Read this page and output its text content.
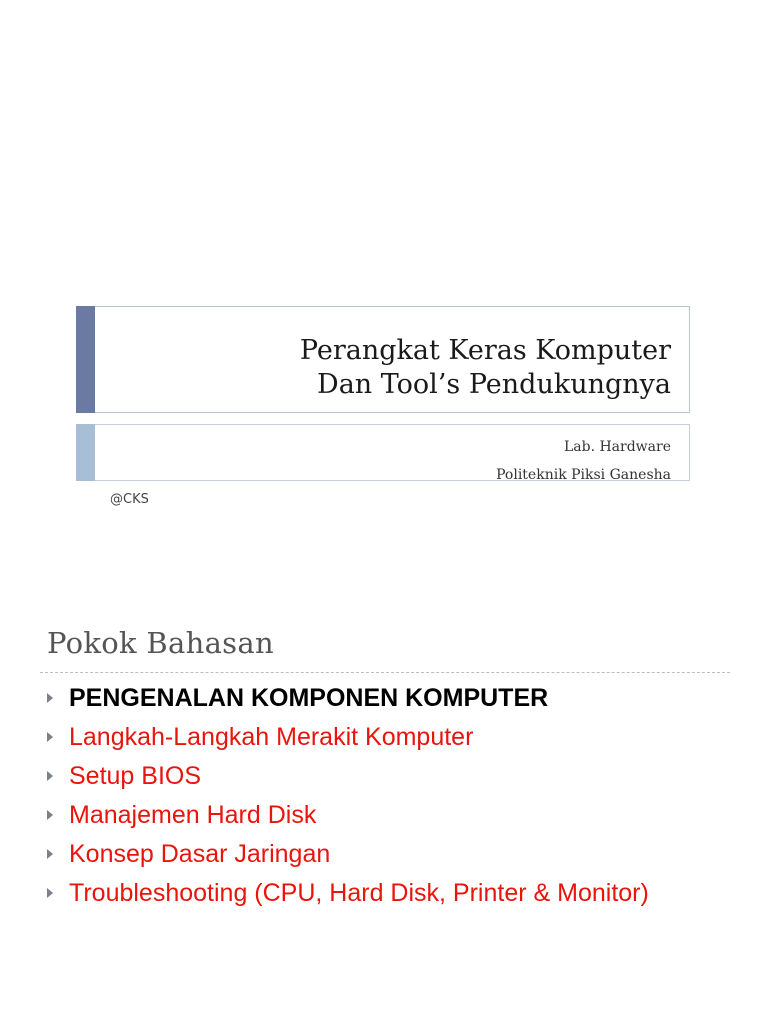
Perangkat Keras Komputer
Dan Tool’s Pendukungnya
Lab. Hardware
Politeknik Piksi Ganesha
@CKS
Pokok Bahasan
PENGENALAN KOMPONEN KOMPUTER
Langkah-Langkah Merakit Komputer
Setup BIOS
Manajemen Hard Disk
Konsep Dasar Jaringan
Troubleshooting (CPU, Hard Disk, Printer & Monitor)
